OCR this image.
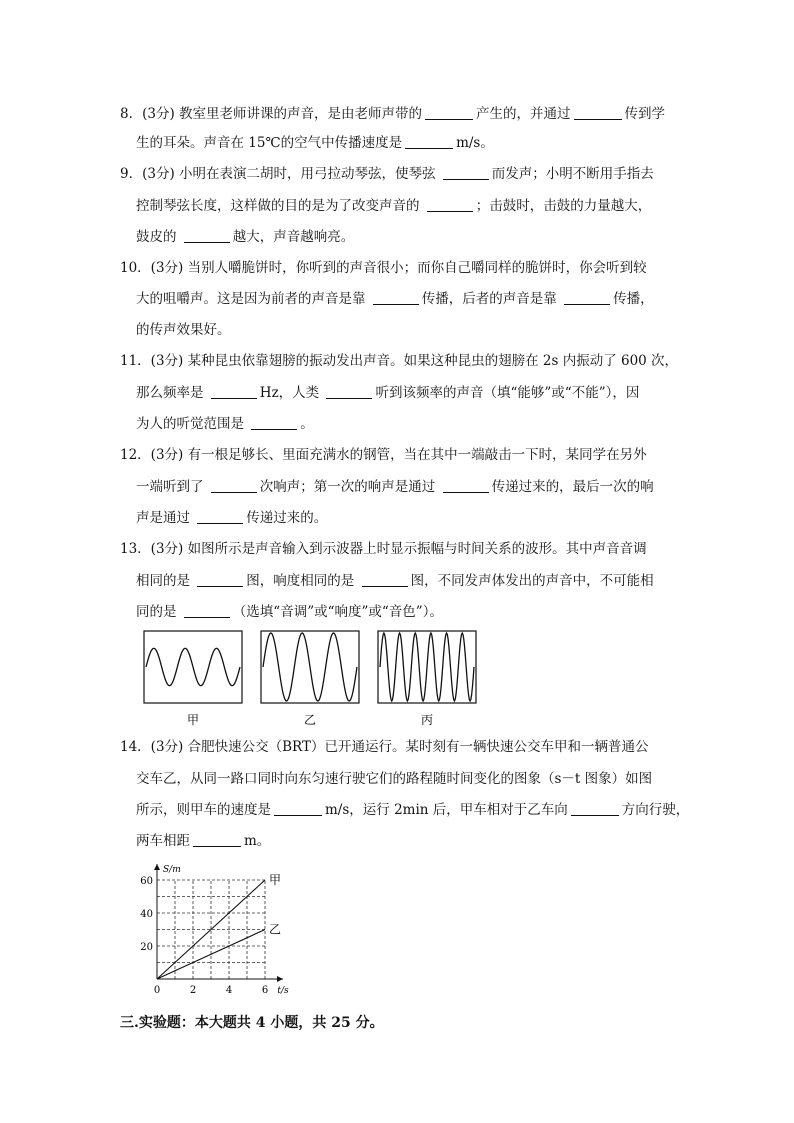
8．(3分) 教室里老师讲课的声音，是由老师声带的	产生的，并通过	传到学
生的耳朵。声音在 15℃的空气中传播速度是	m/s。
9．(3分) 小明在表演二胡时，用弓拉动琴弦，使琴弦	而发声；小明不断用手指去
控制琴弦长度，这样做的目的是为了改变声音的	；击鼓时，击鼓的力量越大，
鼓皮的	越大，声音越响亮。
10．(3分) 当别人嚼脆饼时，你听到的声音很小；而你自己嚼同样的脆饼时，你会听到较
大的咀嚼声。这是因为前者的声音是靠	传播，后者的声音是靠	传播，
的传声效果好。
11．(3分) 某种昆虫依靠翅膀的振动发出声音。如果这种昆虫的翅膀在 2s 内振动了 600 次，
那么频率是	Hz，人类	听到该频率的声音（填“能够”或“不能”），因
为人的听觉范围是	。
12．(3分) 有一根足够长、里面充满水的钢管，当在其中一端敲击一下时，某同学在另外
一端听到了	次响声；第一次的响声是通过	传递过来的，最后一次的响
声是通过	传递过来的。
13．(3分) 如图所示是声音输入到示波器上时显示振幅与时间关系的波形。其中声音音调
相同的是	图，响度相同的是	图，不同发声体发出的声音中，不可能相
同的是	（选填“音调”或“响度”或“音色”）。
甲	乙	丙
14．(3分) 合肥快速公交（BRT）已开通运行。某时刻有一辆快速公交车甲和一辆普通公
交车乙，从同一路口同时向东匀速行驶它们的路程随时间变化的图象（s－t 图象）如图
所示，则甲车的速度是	m/s，运行 2min 后，甲车相对于乙车向	方向行驶，
两车相距	m。
甲
乙
0	2	4	6
20
40
60
t/s
S/m
三.实验题：本大题共 4 小题，共 25 分。
